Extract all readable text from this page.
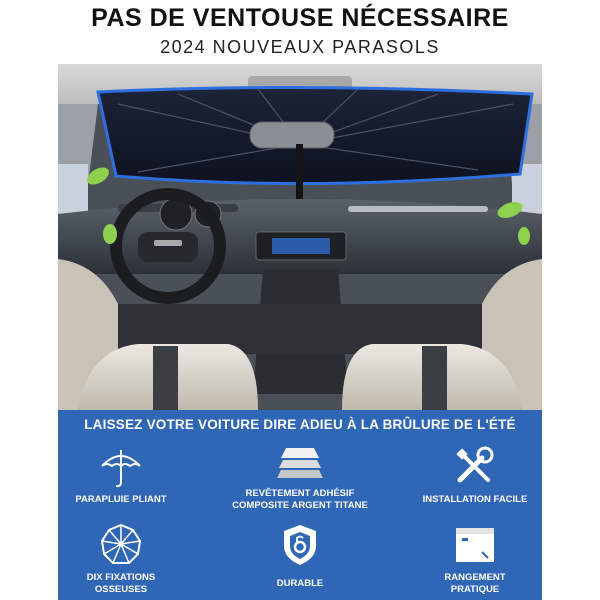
PAS DE VENTOUSE NÉCESSAIRE
2024 NOUVEAUX PARASOLS
LAISSEZ VOTRE VOITURE DIRE ADIEU À LA BRÛLURE DE L'ÉTÉ
PARAPLUIE PLIANT
REVÊTEMENT ADHÉSIF
COMPOSITE ARGENT TITANE
INSTALLATION FACILE
DIX FIXATIONS
OSSEUSES
DURABLE
RANGEMENT
PRATIQUE
